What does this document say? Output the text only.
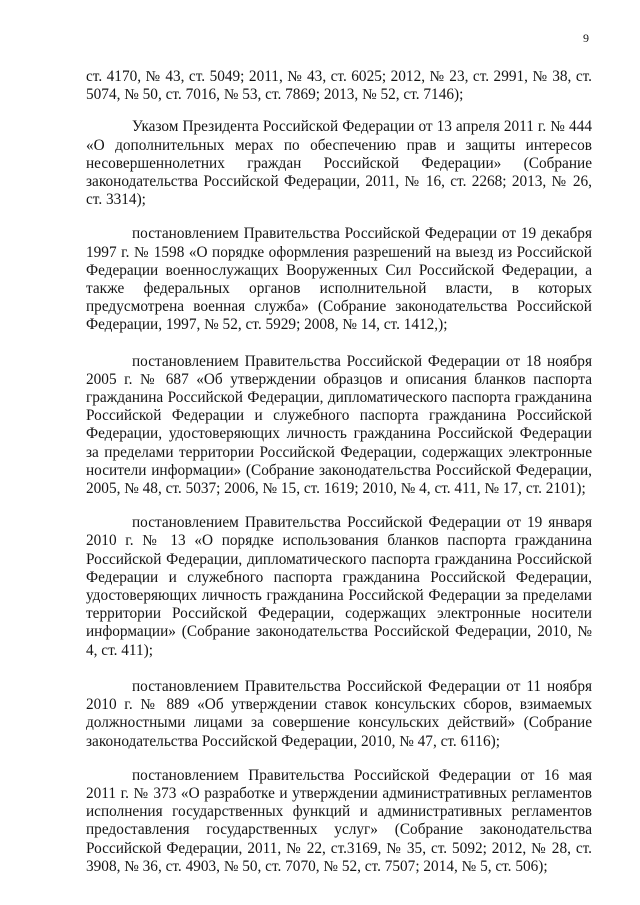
9

ст. 4170, № 43, ст. 5049; 2011, № 43, ст. 6025; 2012, № 23, ст. 2991, № 38, ст. 5074, № 50, ст. 7016, № 53, ст. 7869; 2013, № 52, ст. 7146);

Указом Президента Российской Федерации от 13 апреля 2011 г. № 444 «О дополнительных мерах по обеспечению прав и защиты интересов несовершеннолетних граждан Российской Федерации» (Собрание законодательства Российской Федерации, 2011, № 16, ст. 2268; 2013, № 26, ст. 3314);

постановлением Правительства Российской Федерации от 19 декабря 1997 г. № 1598 «О порядке оформления разрешений на выезд из Российской Федерации военнослужащих Вооруженных Сил Российской Федерации, а также федеральных органов исполнительной власти, в которых предусмотрена военная служба» (Собрание законодательства Российской Федерации, 1997, № 52, ст. 5929; 2008, № 14, ст. 1412,);

постановлением Правительства Российской Федерации от 18 ноября 2005 г. № 687 «Об утверждении образцов и описания бланков паспорта гражданина Российской Федерации, дипломатического паспорта гражданина Российской Федерации и служебного паспорта гражданина Российской Федерации, удостоверяющих личность гражданина Российской Федерации за пределами территории Российской Федерации, содержащих электронные носители информации» (Собрание законодательства Российской Федерации, 2005, № 48, ст. 5037; 2006, № 15, ст. 1619; 2010, № 4, ст. 411, № 17, ст. 2101);

постановлением Правительства Российской Федерации от 19 января 2010 г. № 13 «О порядке использования бланков паспорта гражданина Российской Федерации, дипломатического паспорта гражданина Российской Федерации и служебного паспорта гражданина Российской Федерации, удостоверяющих личность гражданина Российской Федерации за пределами территории Российской Федерации, содержащих электронные носители информации» (Собрание законодательства Российской Федерации, 2010, № 4, ст. 411);

постановлением Правительства Российской Федерации от 11 ноября 2010 г. № 889 «Об утверждении ставок консульских сборов, взимаемых должностными лицами за совершение консульских действий» (Собрание законодательства Российской Федерации, 2010, № 47, ст. 6116);

постановлением Правительства Российской Федерации от 16 мая 2011 г. № 373 «О разработке и утверждении административных регламентов исполнения государственных функций и административных регламентов предоставления государственных услуг» (Собрание законодательства Российской Федерации, 2011, № 22, ст.3169, № 35, ст. 5092; 2012, № 28, ст. 3908, № 36, ст. 4903, № 50, ст. 7070, № 52, ст. 7507; 2014, № 5, ст. 506);
